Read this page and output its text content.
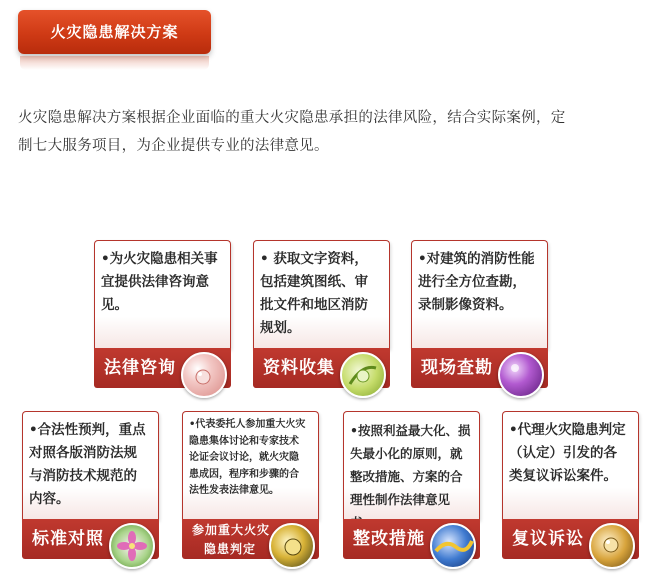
火灾隐患解决方案
火灾隐患解决方案根据企业面临的重大火灾隐患承担的法律风险，结合实际案例，定
制七大服务项目，为企业提供专业的法律意见。
•为火灾隐患相关事
宜提供法律咨询意
见。
法律咨询
• 获取文字资料，
包括建筑图纸、审
批文件和地区消防
规划。
资料收集
•对建筑的消防性能
进行全方位查勘，
录制影像资料。
现场查勘
•合法性预判，重点
对照各版消防法规
与消防技术规范的
内容。
标准对照
•代表委托人参加重大火灾
隐患集体讨论和专家技术
论证会议讨论，就火灾隐
患成因，程序和步骤的合
法性发表法律意见。
参加重大火灾
隐患判定
•按照利益最大化、损
失最小化的原则，就
整改措施、方案的合
理性制作法律意见
整改措施
•代理火灾隐患判定
（认定）引发的各
类复议诉讼案件。
复议诉讼
